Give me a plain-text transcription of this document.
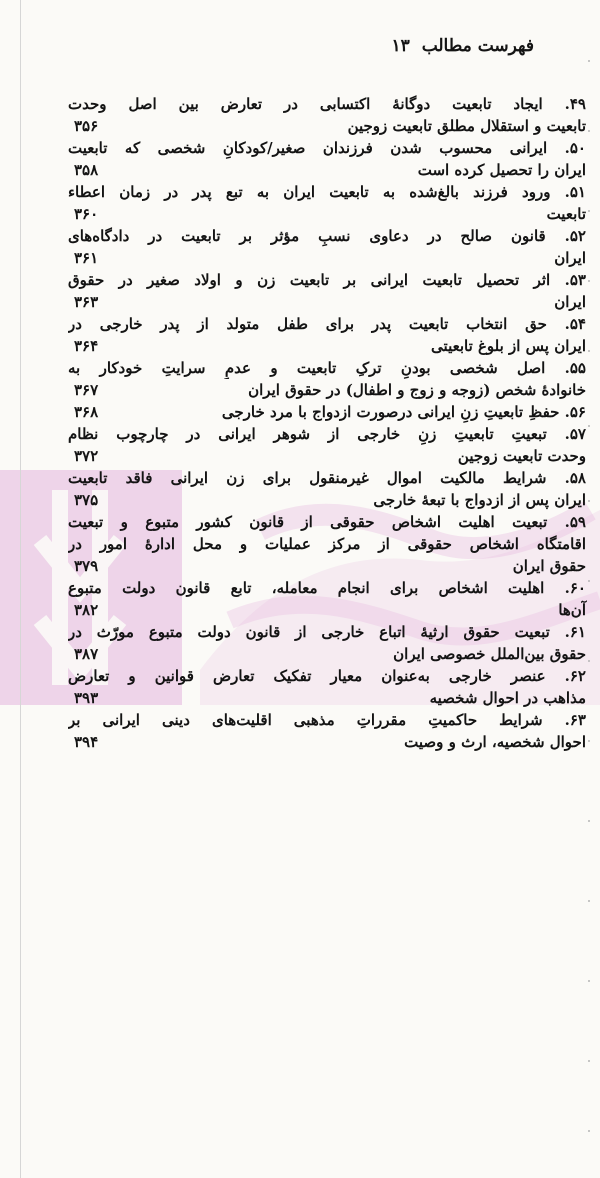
فهرست مطالب ۱۳
۴۹. ایجاد تابعیت دوگانهٔ اکتسابی در تعارض بین اصل وحدت
تابعیت و استقلال مطلق تابعیت زوجین
۳۵۶
۵۰. ایرانی محسوب شدن فرزندان صغیر/کودکانِ شخصی که تابعیت
ایران را تحصیل کرده است
۳۵۸
۵۱. ورود فرزند بالغ‌شده به تابعیت ایران به تبع پدر در زمان اعطاء
تابعیت
۳۶۰
۵۲. قانون صالح در دعاوی نسبِ مؤثر بر تابعیت در دادگاه‌های
ایران
۳۶۱
۵۳. اثر تحصیل تابعیت ایرانی بر تابعیت زن و اولاد صغیر در حقوق
ایران
۳۶۳
۵۴. حق انتخاب تابعیت پدر برای طفل متولد از پدر خارجی در
ایران پس از بلوغ تابعیتی
۳۶۴
۵۵. اصل شخصی بودنِ ترکِ تابعیت و عدمِ سرایتِ خودکار به
خانوادهٔ شخص (زوجه و زوج و اطفال) در حقوق ایران
۳۶۷
۵۶. حفظِ تابعیتِ زنِ ایرانی درصورت ازدواج با مرد خارجی
۳۶۸
۵۷. تبعیتِ تابعیتِ زنِ خارجی از شوهر ایرانی در چارچوب نظام
وحدت تابعیت زوجین
۳۷۲
۵۸. شرایط مالکیت اموال غیرمنقول برای زن ایرانی فاقد تابعیت
ایران پس از ازدواج با تبعهٔ خارجی
۳۷۵
۵۹. تبعیت اهلیت اشخاص حقوقی از قانون کشور متبوع و تبعیت
اقامتگاه اشخاص حقوقی از مرکز عملیات و محل ادارهٔ امور در
حقوق ایران
۳۷۹
۶۰. اهلیت اشخاص برای انجام معامله، تابع قانون دولت متبوع
آن‌ها
۳۸۲
۶۱. تبعیت حقوق ارثیهٔ اتباع خارجی از قانون دولت متبوع مورّث در
حقوق بین‌الملل خصوصی ایران
۳۸۷
۶۲. عنصر خارجی به‌عنوان معیار تفکیک تعارض قوانین و تعارض
مذاهب در احوال شخصیه
۳۹۳
۶۳. شرایط حاکمیتِ مقرراتِ مذهبی اقلیت‌های دینی ایرانی بر
احوال شخصیه، ارث و وصیت
۳۹۴
